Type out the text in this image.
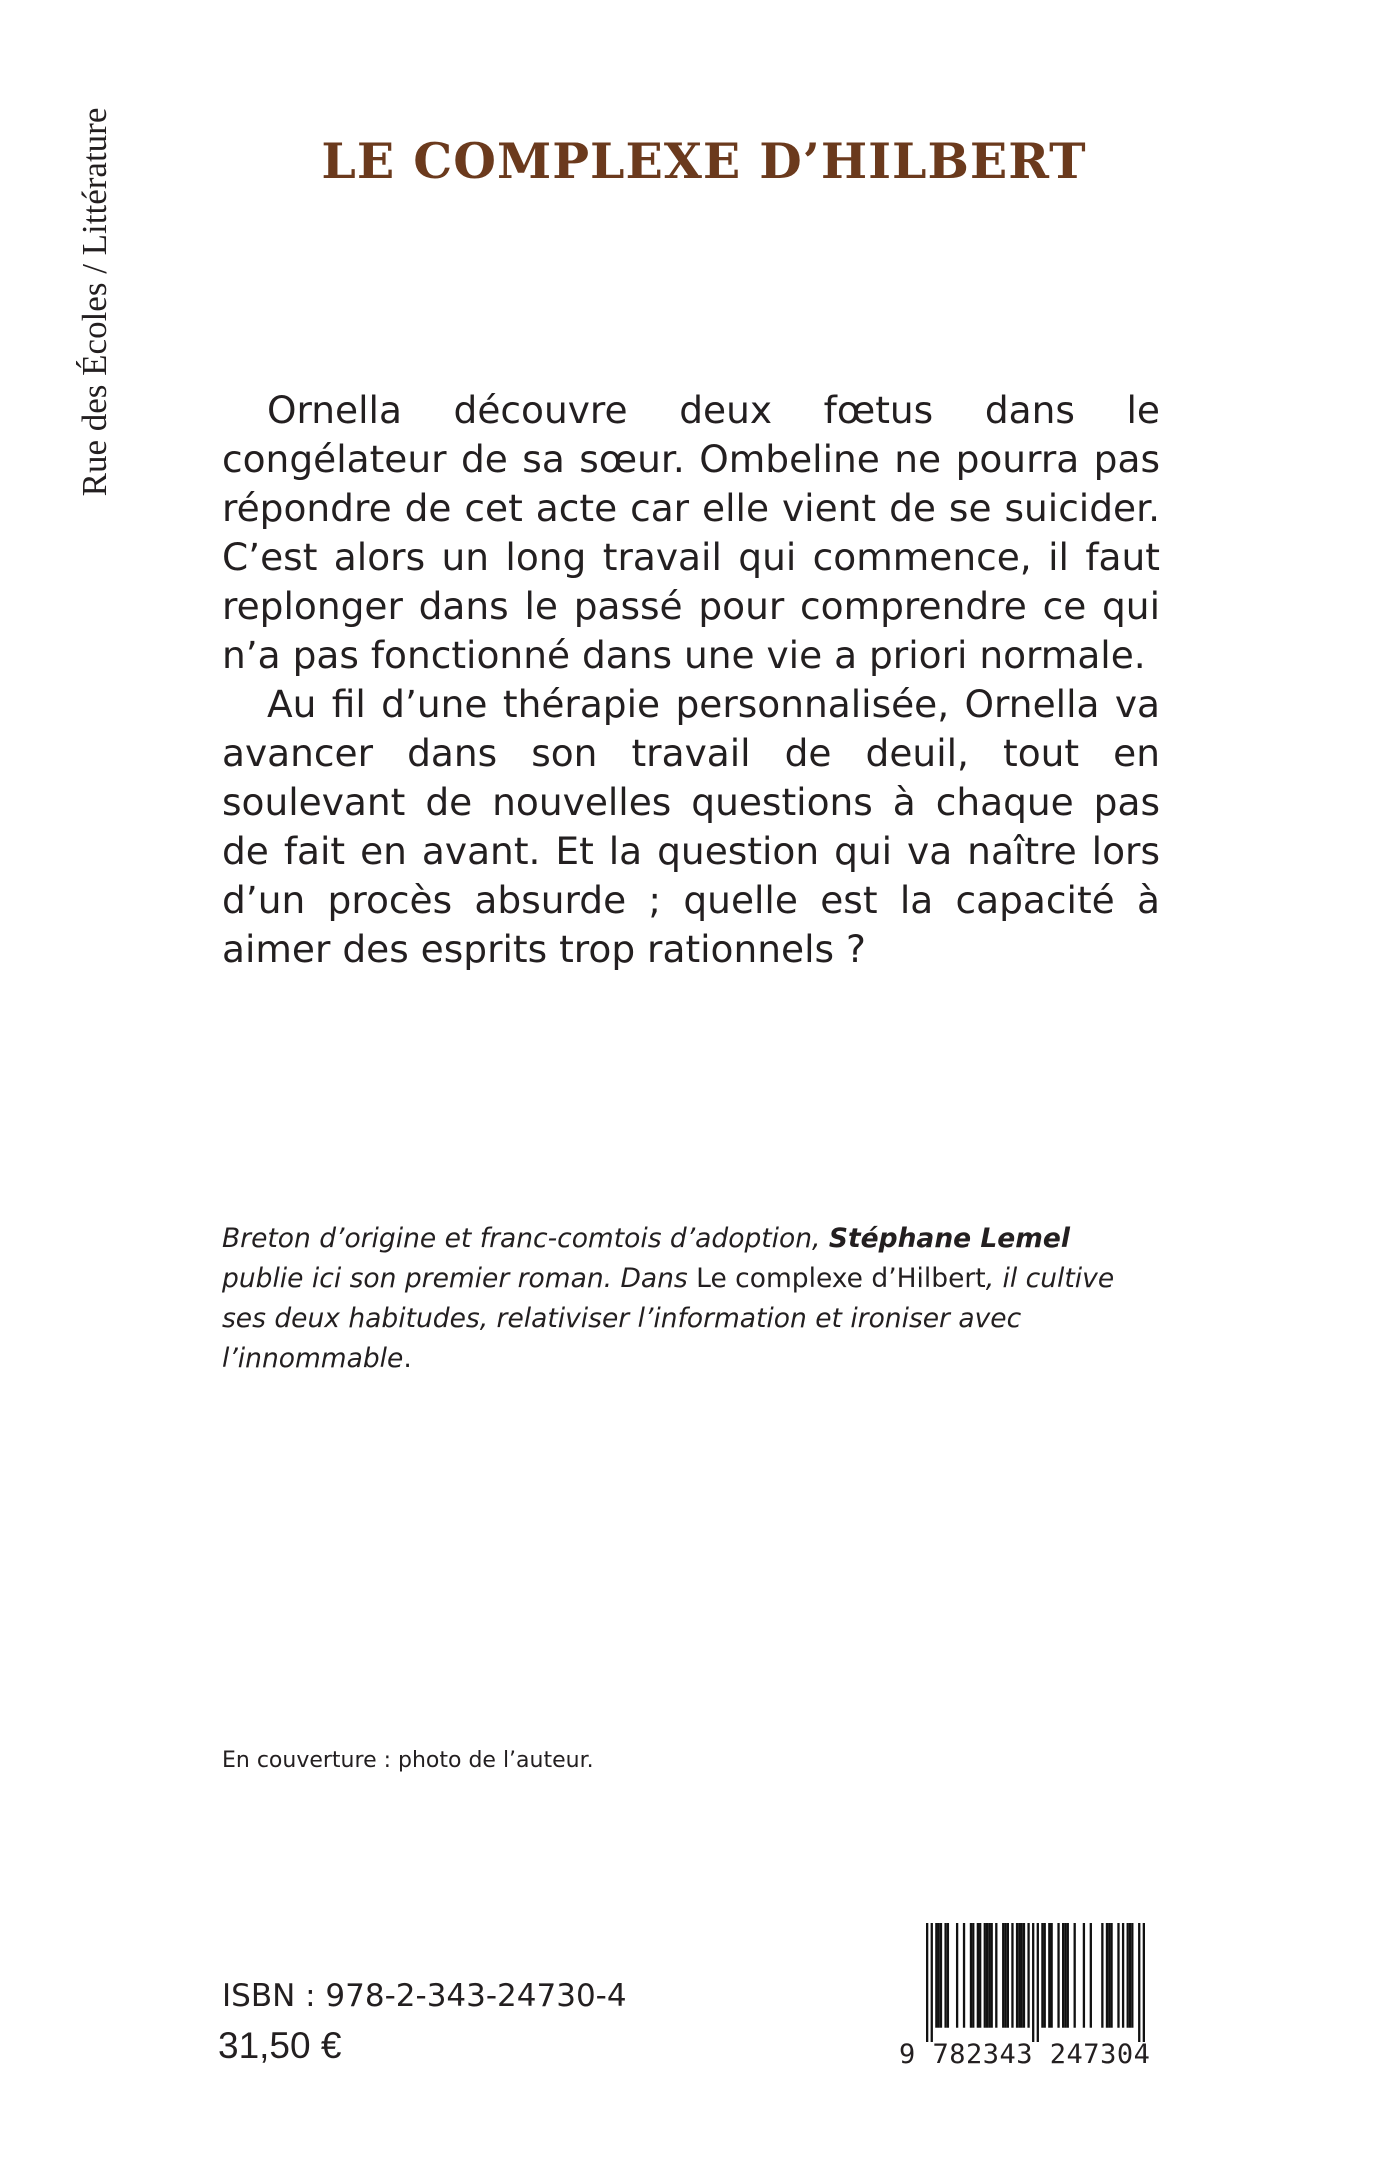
Rue des Écoles / Littérature	LE COMPLEXE D’HILBERT

Ornella découvre deux fœtus dans le congélateur de sa sœur. Ombeline ne pourra pas répondre de cet acte car elle vient de se suicider. C’est alors un long travail qui commence, il faut replonger dans le passé pour comprendre ce qui n’a pas fonctionné dans une vie a priori normale.

Au fil d’une thérapie personnalisée, Ornella va avancer dans son travail de deuil, tout en soulevant de nouvelles questions à chaque pas de fait en avant. Et la question qui va naître lors d’un procès absurde ; quelle est la capacité à aimer des esprits trop rationnels ?

Breton d’origine et franc-comtois d’adoption, Stéphane Lemel publie ici son premier roman. Dans Le complexe d’Hilbert, il cultive ses deux habitudes, relativiser l’information et ironiser avec l’innommable.

En couverture : photo de l’auteur.
ISBN : 978-2-343-24730-4
31,50 €	9 782343 247304
